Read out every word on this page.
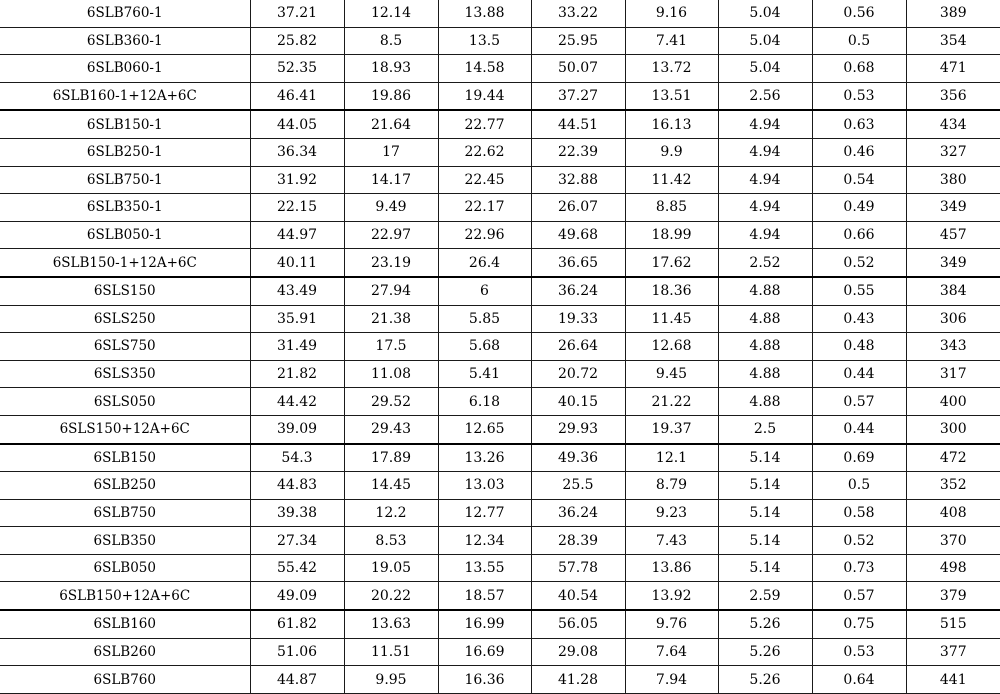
6SLB760-1	37.21	12.14	13.88	33.22	9.16	5.04	0.56	389
6SLB360-1	25.82	8.5	13.5	25.95	7.41	5.04	0.5	354
6SLB060-1	52.35	18.93	14.58	50.07	13.72	5.04	0.68	471
6SLB160-1+12A+6C	46.41	19.86	19.44	37.27	13.51	2.56	0.53	356
6SLB150-1	44.05	21.64	22.77	44.51	16.13	4.94	0.63	434
6SLB250-1	36.34	17	22.62	22.39	9.9	4.94	0.46	327
6SLB750-1	31.92	14.17	22.45	32.88	11.42	4.94	0.54	380
6SLB350-1	22.15	9.49	22.17	26.07	8.85	4.94	0.49	349
6SLB050-1	44.97	22.97	22.96	49.68	18.99	4.94	0.66	457
6SLB150-1+12A+6C	40.11	23.19	26.4	36.65	17.62	2.52	0.52	349
6SLS150	43.49	27.94	6	36.24	18.36	4.88	0.55	384
6SLS250	35.91	21.38	5.85	19.33	11.45	4.88	0.43	306
6SLS750	31.49	17.5	5.68	26.64	12.68	4.88	0.48	343
6SLS350	21.82	11.08	5.41	20.72	9.45	4.88	0.44	317
6SLS050	44.42	29.52	6.18	40.15	21.22	4.88	0.57	400
6SLS150+12A+6C	39.09	29.43	12.65	29.93	19.37	2.5	0.44	300
6SLB150	54.3	17.89	13.26	49.36	12.1	5.14	0.69	472
6SLB250	44.83	14.45	13.03	25.5	8.79	5.14	0.5	352
6SLB750	39.38	12.2	12.77	36.24	9.23	5.14	0.58	408
6SLB350	27.34	8.53	12.34	28.39	7.43	5.14	0.52	370
6SLB050	55.42	19.05	13.55	57.78	13.86	5.14	0.73	498
6SLB150+12A+6C	49.09	20.22	18.57	40.54	13.92	2.59	0.57	379
6SLB160	61.82	13.63	16.99	56.05	9.76	5.26	0.75	515
6SLB260	51.06	11.51	16.69	29.08	7.64	5.26	0.53	377
6SLB760	44.87	9.95	16.36	41.28	7.94	5.26	0.64	441
